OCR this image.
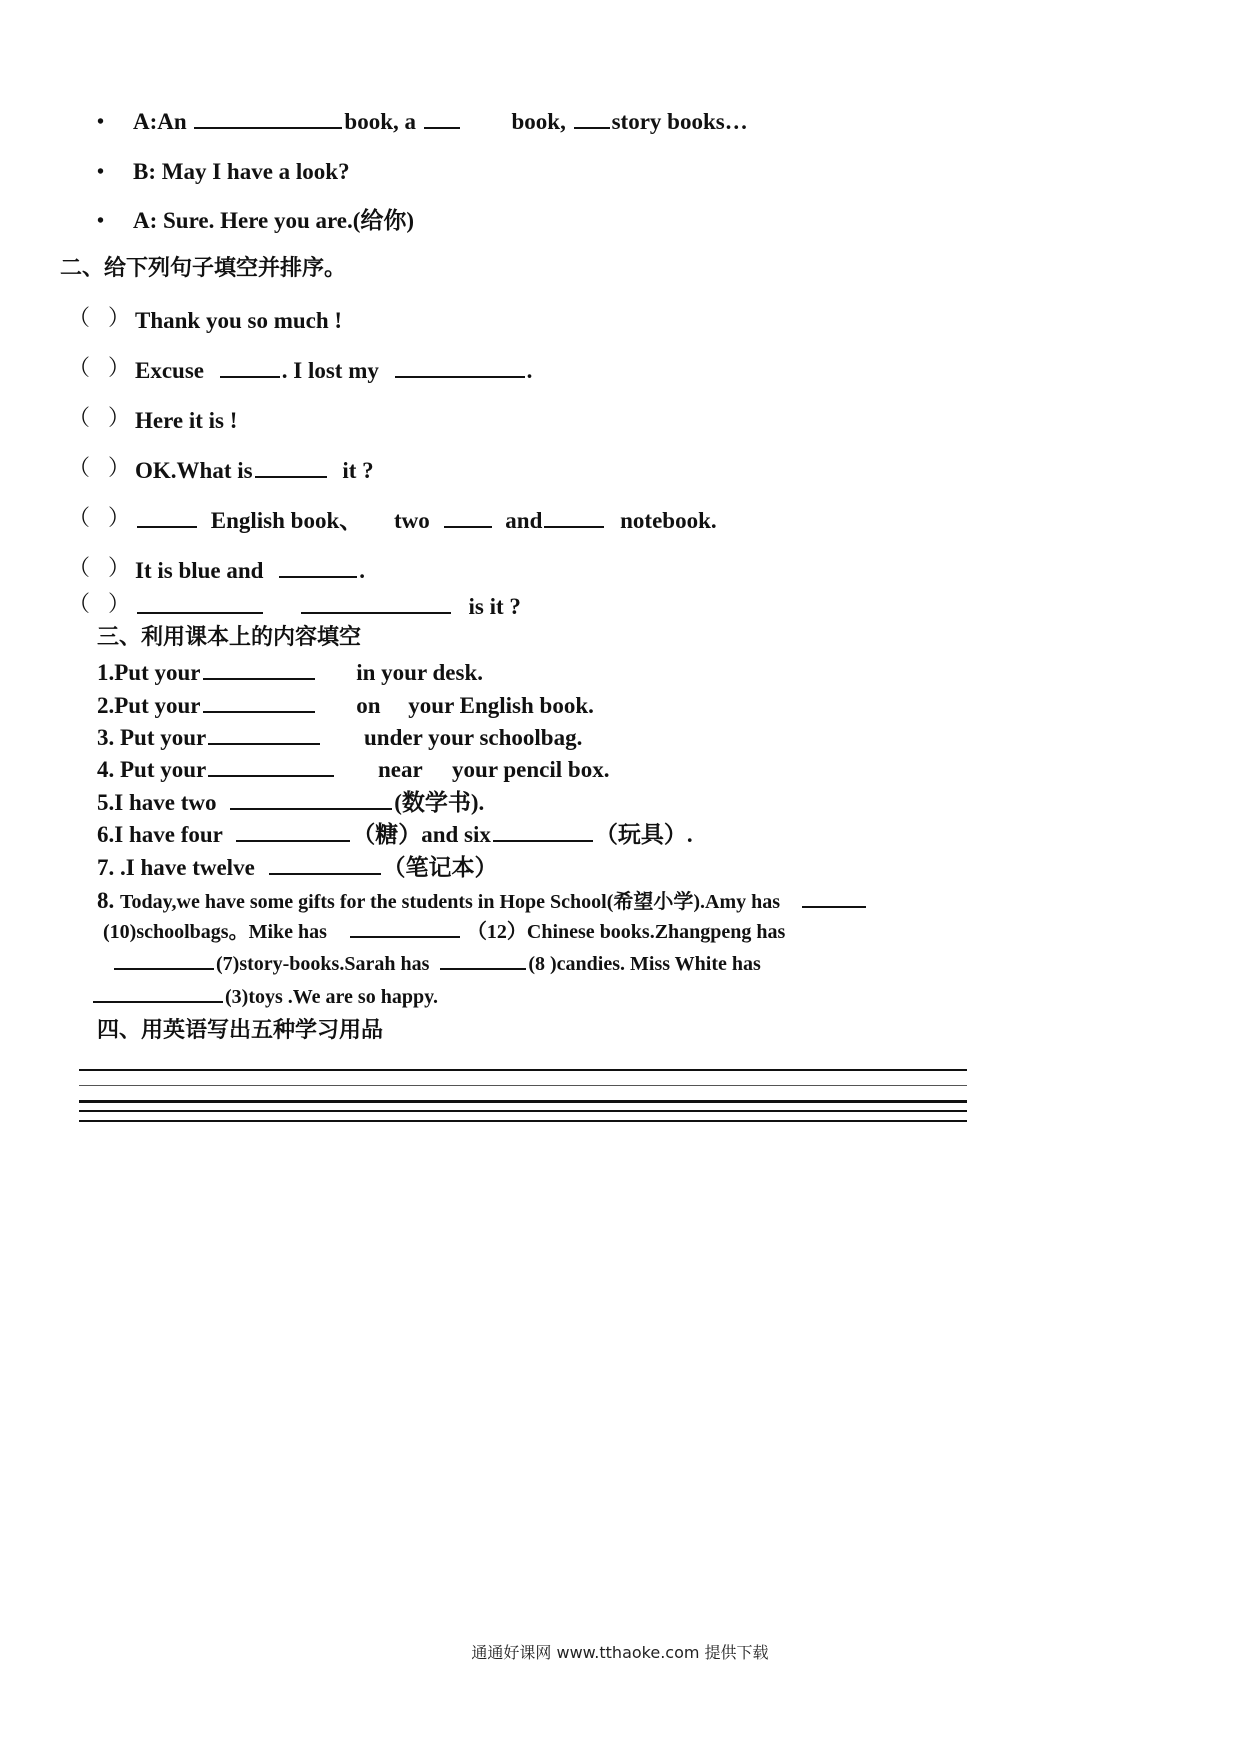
• A:An	book, a	book, story books…
• B: May I have a look?
• A: Sure. Here you are.(给你)
二、给下列句子填空并排序。
（ ） Thank you so much !
（ ） Excuse	. I lost my	.
（ ） Here it is !
（ ） OK.What is	it ?
（ ）	English book、 two	and	notebook.
（ ） It is blue and	.
（ ）	is it ?
三、利用课本上的内容填空
1.Put your	in your desk.
2.Put your	on your English book.
3. Put your	under your schoolbag.
4. Put your	near your pencil box.
5.I have two	(数学书).
6.I have four	（糖）and six	（玩具）.
7. .I have twelve	（笔记本）
8. Today,we have some gifts for the students in Hope School(希望小学).Amy has
(10)schoolbags。Mike has	（12）Chinese books.Zhangpeng has
(7)story-books.Sarah has	(8 )candies. Miss White has
(3)toys .We are so happy.
四、用英语写出五种学习用品
通通好课网 www.tthaoke.com 提供下载
